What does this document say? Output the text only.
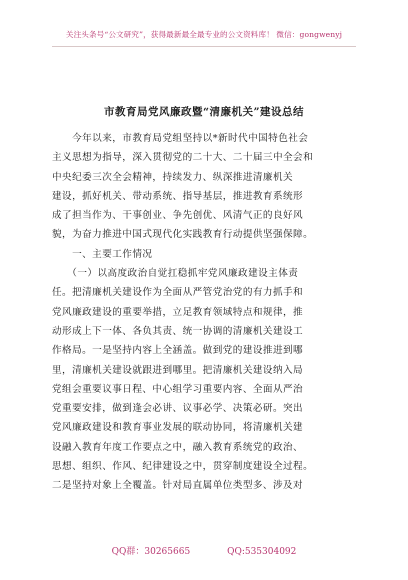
关注头条号“公文研究”，获得最新最全最专业的公文资料库！ 微信：gongwenyj
市教育局党风廉政暨“清廉机关”建设总结
　　今年以来，市教育局党组坚持以*新时代中国特色社会
主义思想为指导，深入贯彻党的二十大、二十届三中全会和
中央纪委三次全会精神，持续发力、纵深推进清廉机关
建设，抓好机关、带动系统、指导基层，推进教育系统形
成了担当作为、干事创业、争先创优、风清气正的良好风
貌，为奋力推进中国式现代化实践教育行动提供坚强保障。
　　一、主要工作情况
　　（一）以高度政治自觉扛稳抓牢党风廉政建设主体责
任。把清廉机关建设作为全面从严管党治党的有力抓手和
党风廉政建设的重要举措，立足教育领域特点和规律，推
动形成上下一体、各负其责、统一协调的清廉机关建设工
作格局。一是坚持内容上全涵盖。做到党的建设推进到哪
里，清廉机关建设就跟进到哪里。把清廉机关建设纳入局
党组会重要议事日程、中心组学习重要内容、全面从严治
党重要安排，做到逢会必讲、议事必学、决策必研。突出
党风廉政建设和教育事业发展的联动协同，将清廉机关建
设融入教育年度工作要点之中，融入教育系统党的政治、
思想、组织、作风、纪律建设之中，贯穿制度建设全过程。
二是坚持对象上全覆盖。针对局直属单位类型多、涉及对
QQ群：30265665	QQ:535304092
